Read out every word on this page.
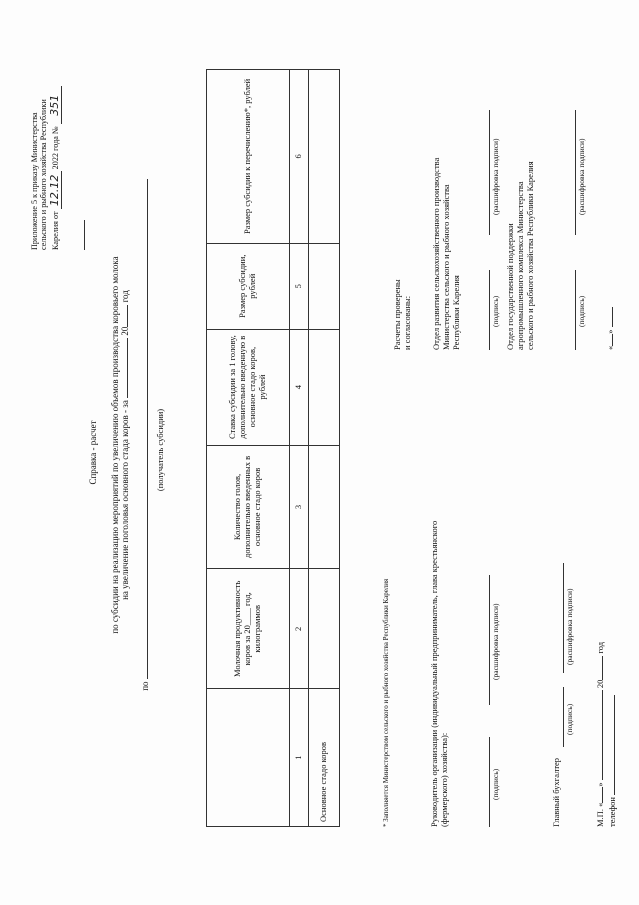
Приложение 5 к приказу Министерства сельского и рыбного хозяйства Республики Карелия от 12.12 2022 года № 351
Справка - расчет по субсидии на реализацию мероприятий по увеличению объемов производства коровьего молока на увеличение поголовья основного стада коров - за  20 год
по
(получатель субсидии)
	Молочная продуктивность коров за 20____ год, килограммов	Количество голов, дополнительно введенных в основное стадо коров	Ставка субсидии за 1 голову, дополнительно введенную в основное стадо коров, рублей	Размер субсидии, рублей	Размер субсидии к перечислению*, рублей
1	2	3	4	5	6
Основное стадо коров						* Заполняется Министерством сельского и рыбного хозяйства Республики Карелия	Руководитель организации (индивидуальный предприниматель, глава крестьянского (фермерского) хозяйства):	(подпись)
(расшифровка подписи)
Главный бухгалтер
(подпись)
(расшифровка подписи)
М.П. «»  20 год
телефон
Расчеты проверены и согласованы: Отдел развития сельскохозяйственного производства Министерства сельского и рыбного хозяйства Республики Карелия	(подпись)
(расшифровка подписи)
Отдел государственной поддержки агропромышленного комплекса Министерства сельского и рыбного хозяйства Республики Карелия	(подпись)
(расшифровка подписи)
«»
